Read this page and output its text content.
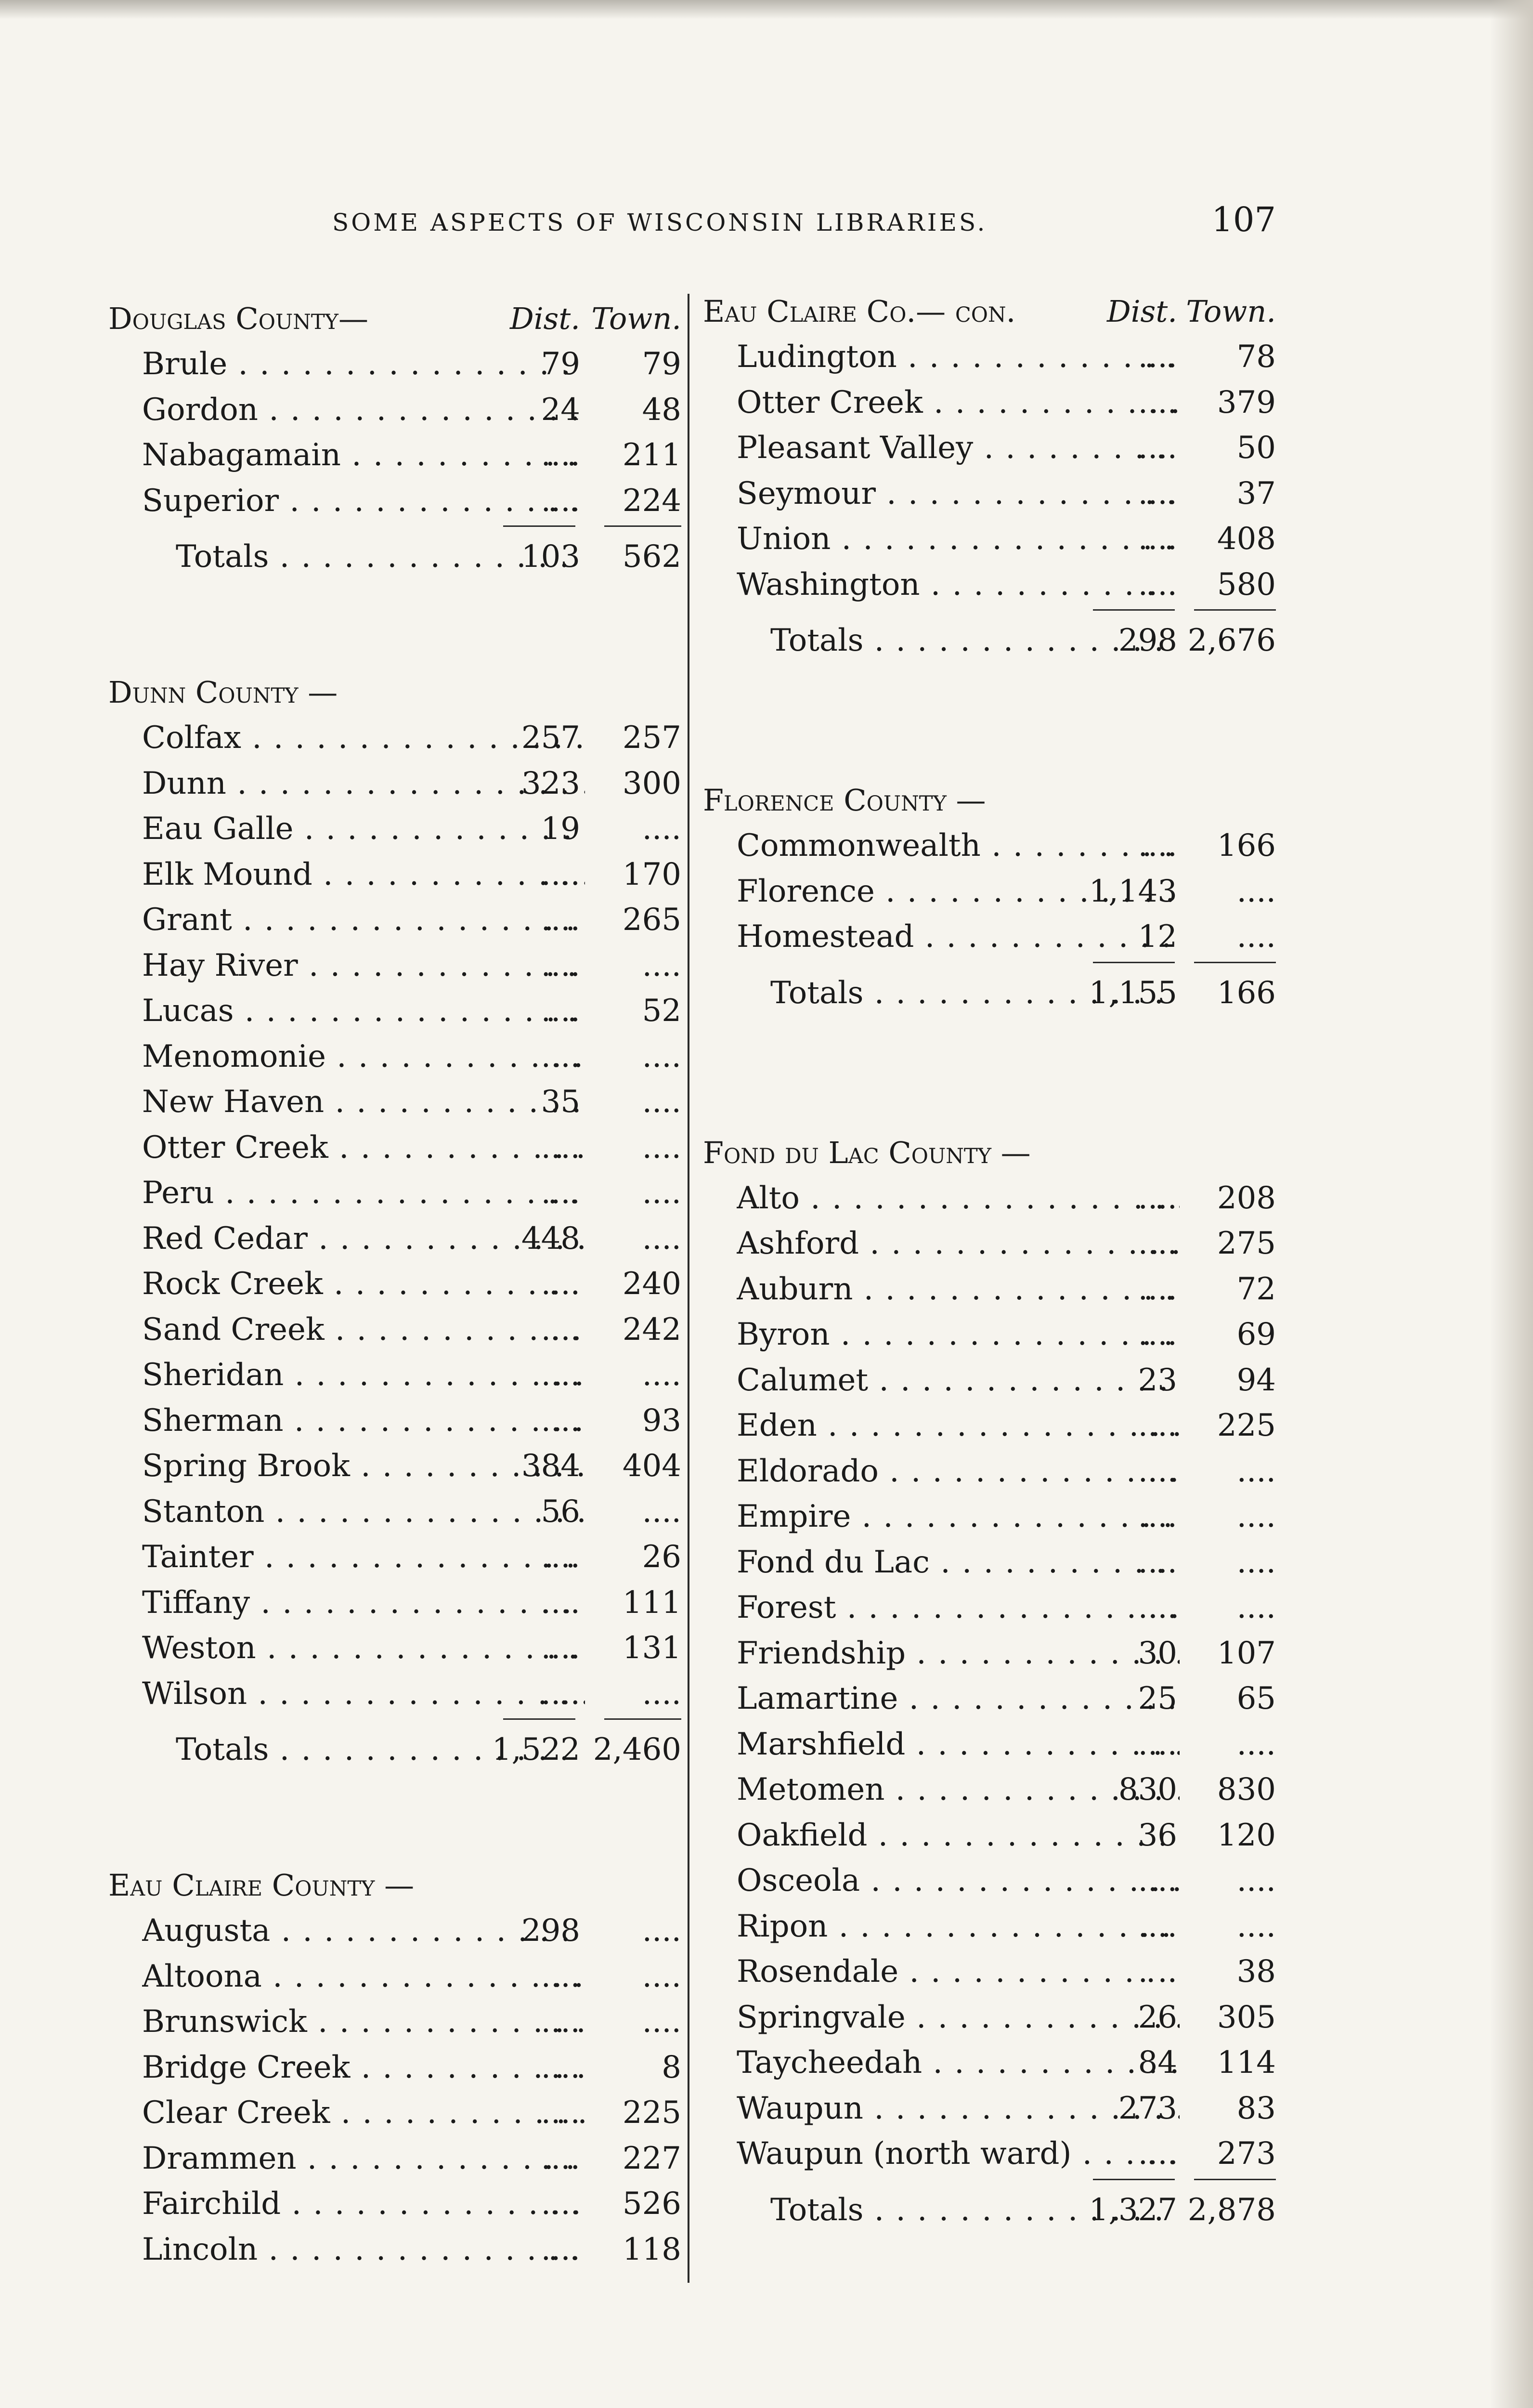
SOME ASPECTS OF WISCONSIN LIBRARIES.	107
Douglas County—	Dist. Town.
Brule . . .	79	79
Gordon . . .	24	48
Nabagamain . . .	....	211
Superior . . .	....	224
Totals . . .	103	562
Dunn County —
Colfax . . .	257	257
Dunn . . .	323	300
Eau Galle . . .	19	....
Elk Mound . . .	....	170
Grant . . .	....	265
Hay River . . .	....	....
Lucas . . .	....	52
Menomonie . . .	....	....
New Haven . . .	35	....
Otter Creek . . .	....	....
Peru . . .	....	....
Red Cedar . . .	448	....
Rock Creek . . .	....	240
Sand Creek . . .	....	242
Sheridan . . .	....	....
Sherman . . .	....	93
Spring Brook . . .	384	404
Stanton . . .	56	....
Tainter . . .	....	26
Tiffany . . .	....	111
Weston . . .	....	131
Wilson . . .	....	....
Totals . . .	1,522 2,460
Eau Claire County —
Augusta . . .	298	....
Altoona . . .	....	....
Brunswick . . .	....	....
Bridge Creek . . .	....	8
Clear Creek . . .	....	225
Drammen . . .	....	227
Fairchild . . .	....	526
Lincoln . . .	....	118
Eau Claire Co.— con.	Dist. Town.
Ludington . . .	....	78
Otter Creek . . .	....	379
Pleasant Valley . . .	....	50
Seymour . . .	....	37
Union . . .	....	408
Washington . . .	....	580
Totals . . .	298 2,676
Florence County —
Commonwealth . . .	....	166
Florence . . .	1,143	....
Homestead . . .	12	....
Totals . . .	1,155	166
Fond du Lac County —
Alto . . .	....	208
Ashford . . .	....	275
Auburn . . .	....	72
Byron . . .	....	69
Calumet . . .	23	94
Eden . . .	....	225
Eldorado . . .	....	....
Empire . . .	....	....
Fond du Lac . . .	....	....
Forest . . .	....	....
Friendship . . .	30	107
Lamartine . . .	25	65
Marshfield . . .	....	....
Metomen . . .	830	830
Oakfield . . .	36	120
Osceola . . .	....	....
Ripon . . .	....	....
Rosendale . . .	. ..	38
Springvale . . .	26	305
Taycheedah . . .	84	114
Waupun . . .	273	83
Waupun (north ward) . . .	....	273
Totals . . .	1,327 2,878
